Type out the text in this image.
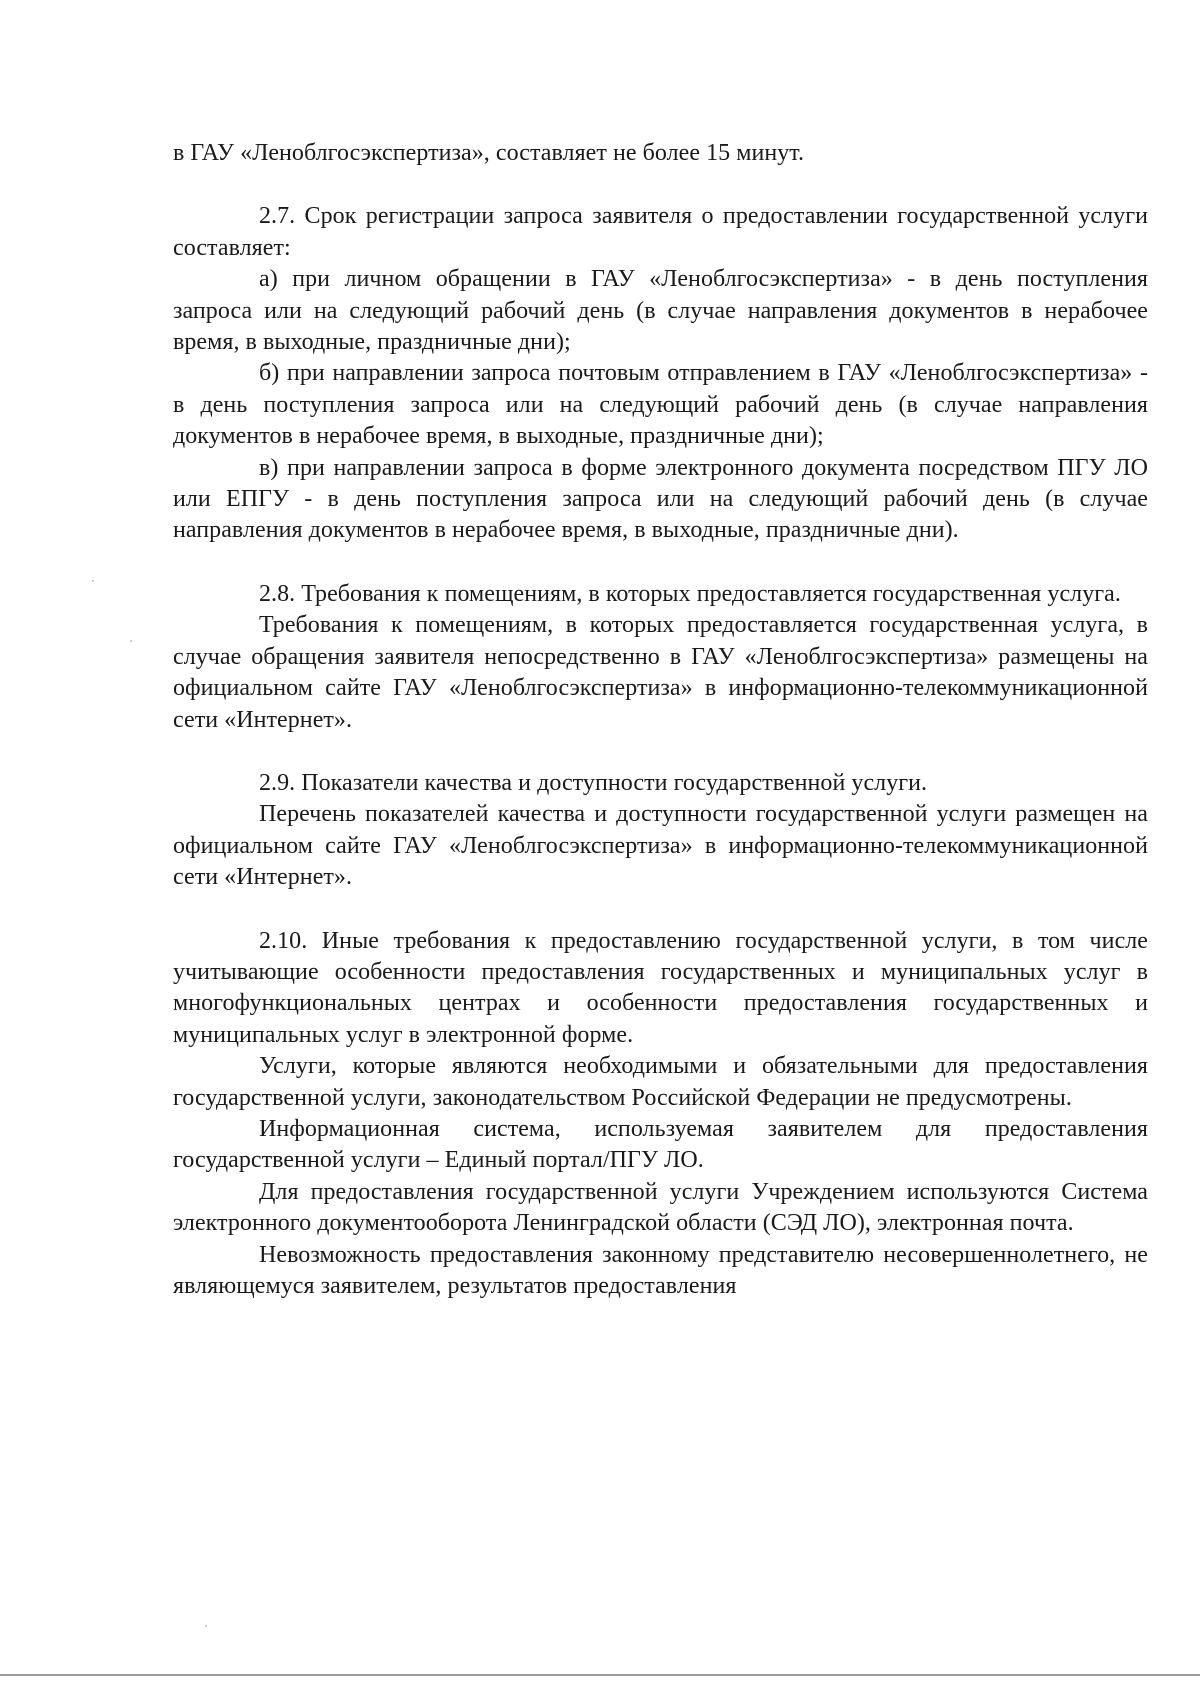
в ГАУ «Леноблгосэкспертиза», составляет не более 15 минут.

2.7. Срок регистрации запроса заявителя о предоставлении государственной услуги составляет:

а) при личном обращении в ГАУ «Леноблгосэкспертиза» - в день поступления запроса или на следующий рабочий день (в случае направления документов в нерабочее время, в выходные, праздничные дни);

б) при направлении запроса почтовым отправлением в ГАУ «Леноблгосэкспертиза» - в день поступления запроса или на следующий рабочий день (в случае направления документов в нерабочее время, в выходные, праздничные дни);

в) при направлении запроса в форме электронного документа посредством ПГУ ЛО или ЕПГУ - в день поступления запроса или на следующий рабочий день (в случае направления документов в нерабочее время, в выходные, праздничные дни).

2.8. Требования к помещениям, в которых предоставляется государственная услуга.

Требования к помещениям, в которых предоставляется государственная услуга, в случае обращения заявителя непосредственно в ГАУ «Леноблгосэкспертиза» размещены на официальном сайте ГАУ «Леноблгосэкспертиза» в информационно-телекоммуникационной сети «Интернет».

2.9. Показатели качества и доступности государственной услуги.

Перечень показателей качества и доступности государственной услуги размещен на официальном сайте ГАУ «Леноблгосэкспертиза» в информационно-телекоммуникационной сети «Интернет».

2.10. Иные требования к предоставлению государственной услуги, в том числе учитывающие особенности предоставления государственных и муниципальных услуг в многофункциональных центрах и особенности предоставления государственных и муниципальных услуг в электронной форме.

Услуги, которые являются необходимыми и обязательными для предоставления государственной услуги, законодательством Российской Федерации не предусмотрены.

Информационная система, используемая заявителем для предоставления государственной услуги – Единый портал/ПГУ ЛО.

Для предоставления государственной услуги Учреждением используются Система электронного документооборота Ленинградской области (СЭД ЛО), электронная почта.

Невозможность предоставления законному представителю несовершеннолетнего, не являющемуся заявителем, результатов предоставления
